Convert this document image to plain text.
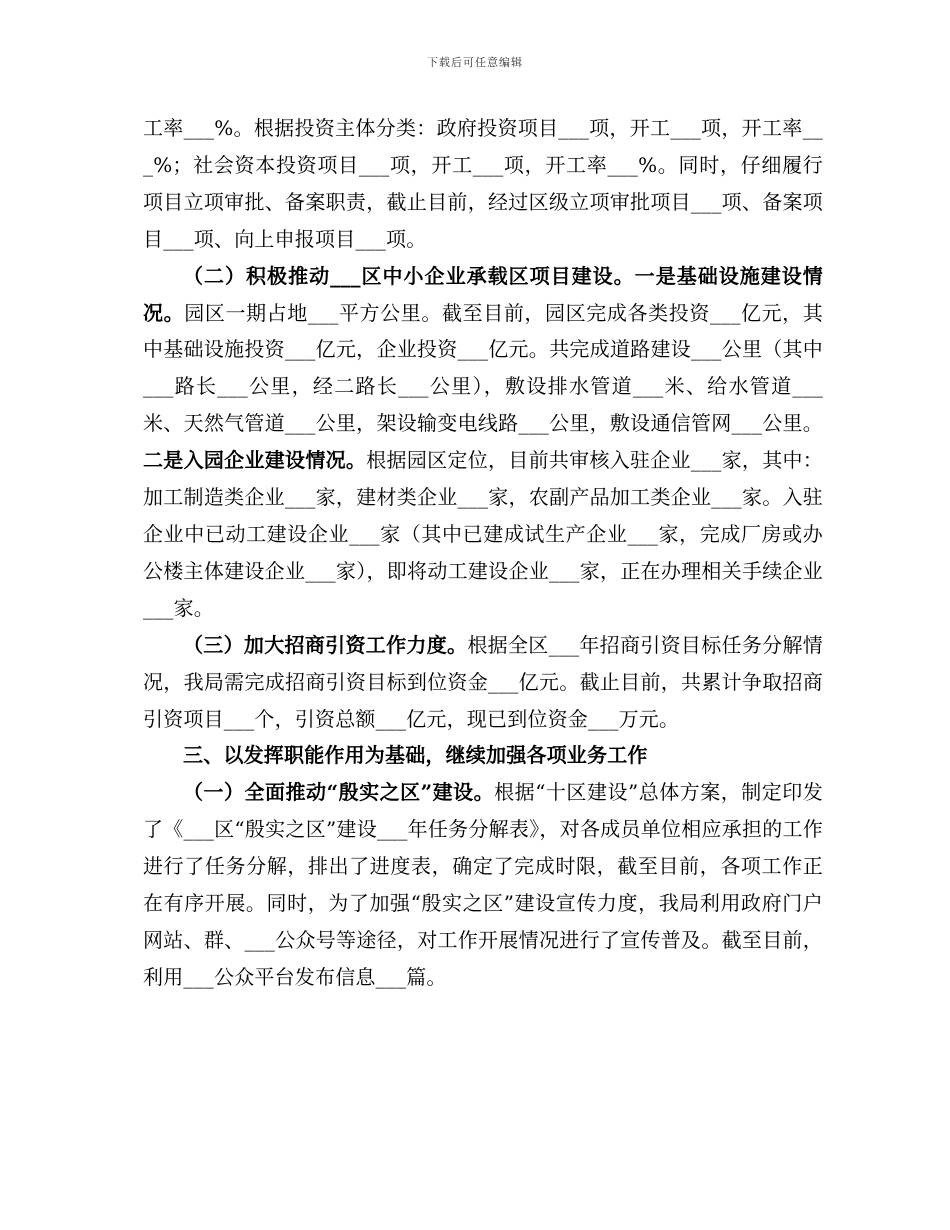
下载后可任意编辑

工率___%。根据投资主体分类：政府投资项目___项，开工___项，开工率___%；社会资本投资项目___项，开工___项，开工率___%。同时，仔细履行项目立项审批、备案职责，截止目前，经过区级立项审批项目___项、备案项目___项、向上申报项目___项。

（二）积极推动___区中小企业承载区项目建设。一是基础设施建设情况。园区一期占地___平方公里。截至目前，园区完成各类投资___亿元，其中基础设施投资___亿元，企业投资___亿元。共完成道路建设___公里（其中___路长___公里，经二路长___公里），敷设排水管道___米、给水管道___米、天然气管道___公里，架设输变电线路___公里，敷设通信管网___公里。二是入园企业建设情况。根据园区定位，目前共审核入驻企业___家，其中：加工制造类企业___家，建材类企业___家，农副产品加工类企业___家。入驻企业中已动工建设企业___家（其中已建成试生产企业___家，完成厂房或办公楼主体建设企业___家），即将动工建设企业___家，正在办理相关手续企业___家。

（三）加大招商引资工作力度。根据全区___年招商引资目标任务分解情况，我局需完成招商引资目标到位资金___亿元。截止目前，共累计争取招商引资项目___个，引资总额___亿元，现已到位资金___万元。

三、以发挥职能作用为基础，继续加强各项业务工作

（一）全面推动“殷实之区”建设。根据“十区建设”总体方案，制定印发了《___区“殷实之区”建设___年任务分解表》，对各成员单位相应承担的工作进行了任务分解，排出了进度表，确定了完成时限，截至目前，各项工作正在有序开展。同时，为了加强“殷实之区”建设宣传力度，我局利用政府门户网站、群、___公众号等途径，对工作开展情况进行了宣传普及。截至目前，利用___公众平台发布信息___篇。
